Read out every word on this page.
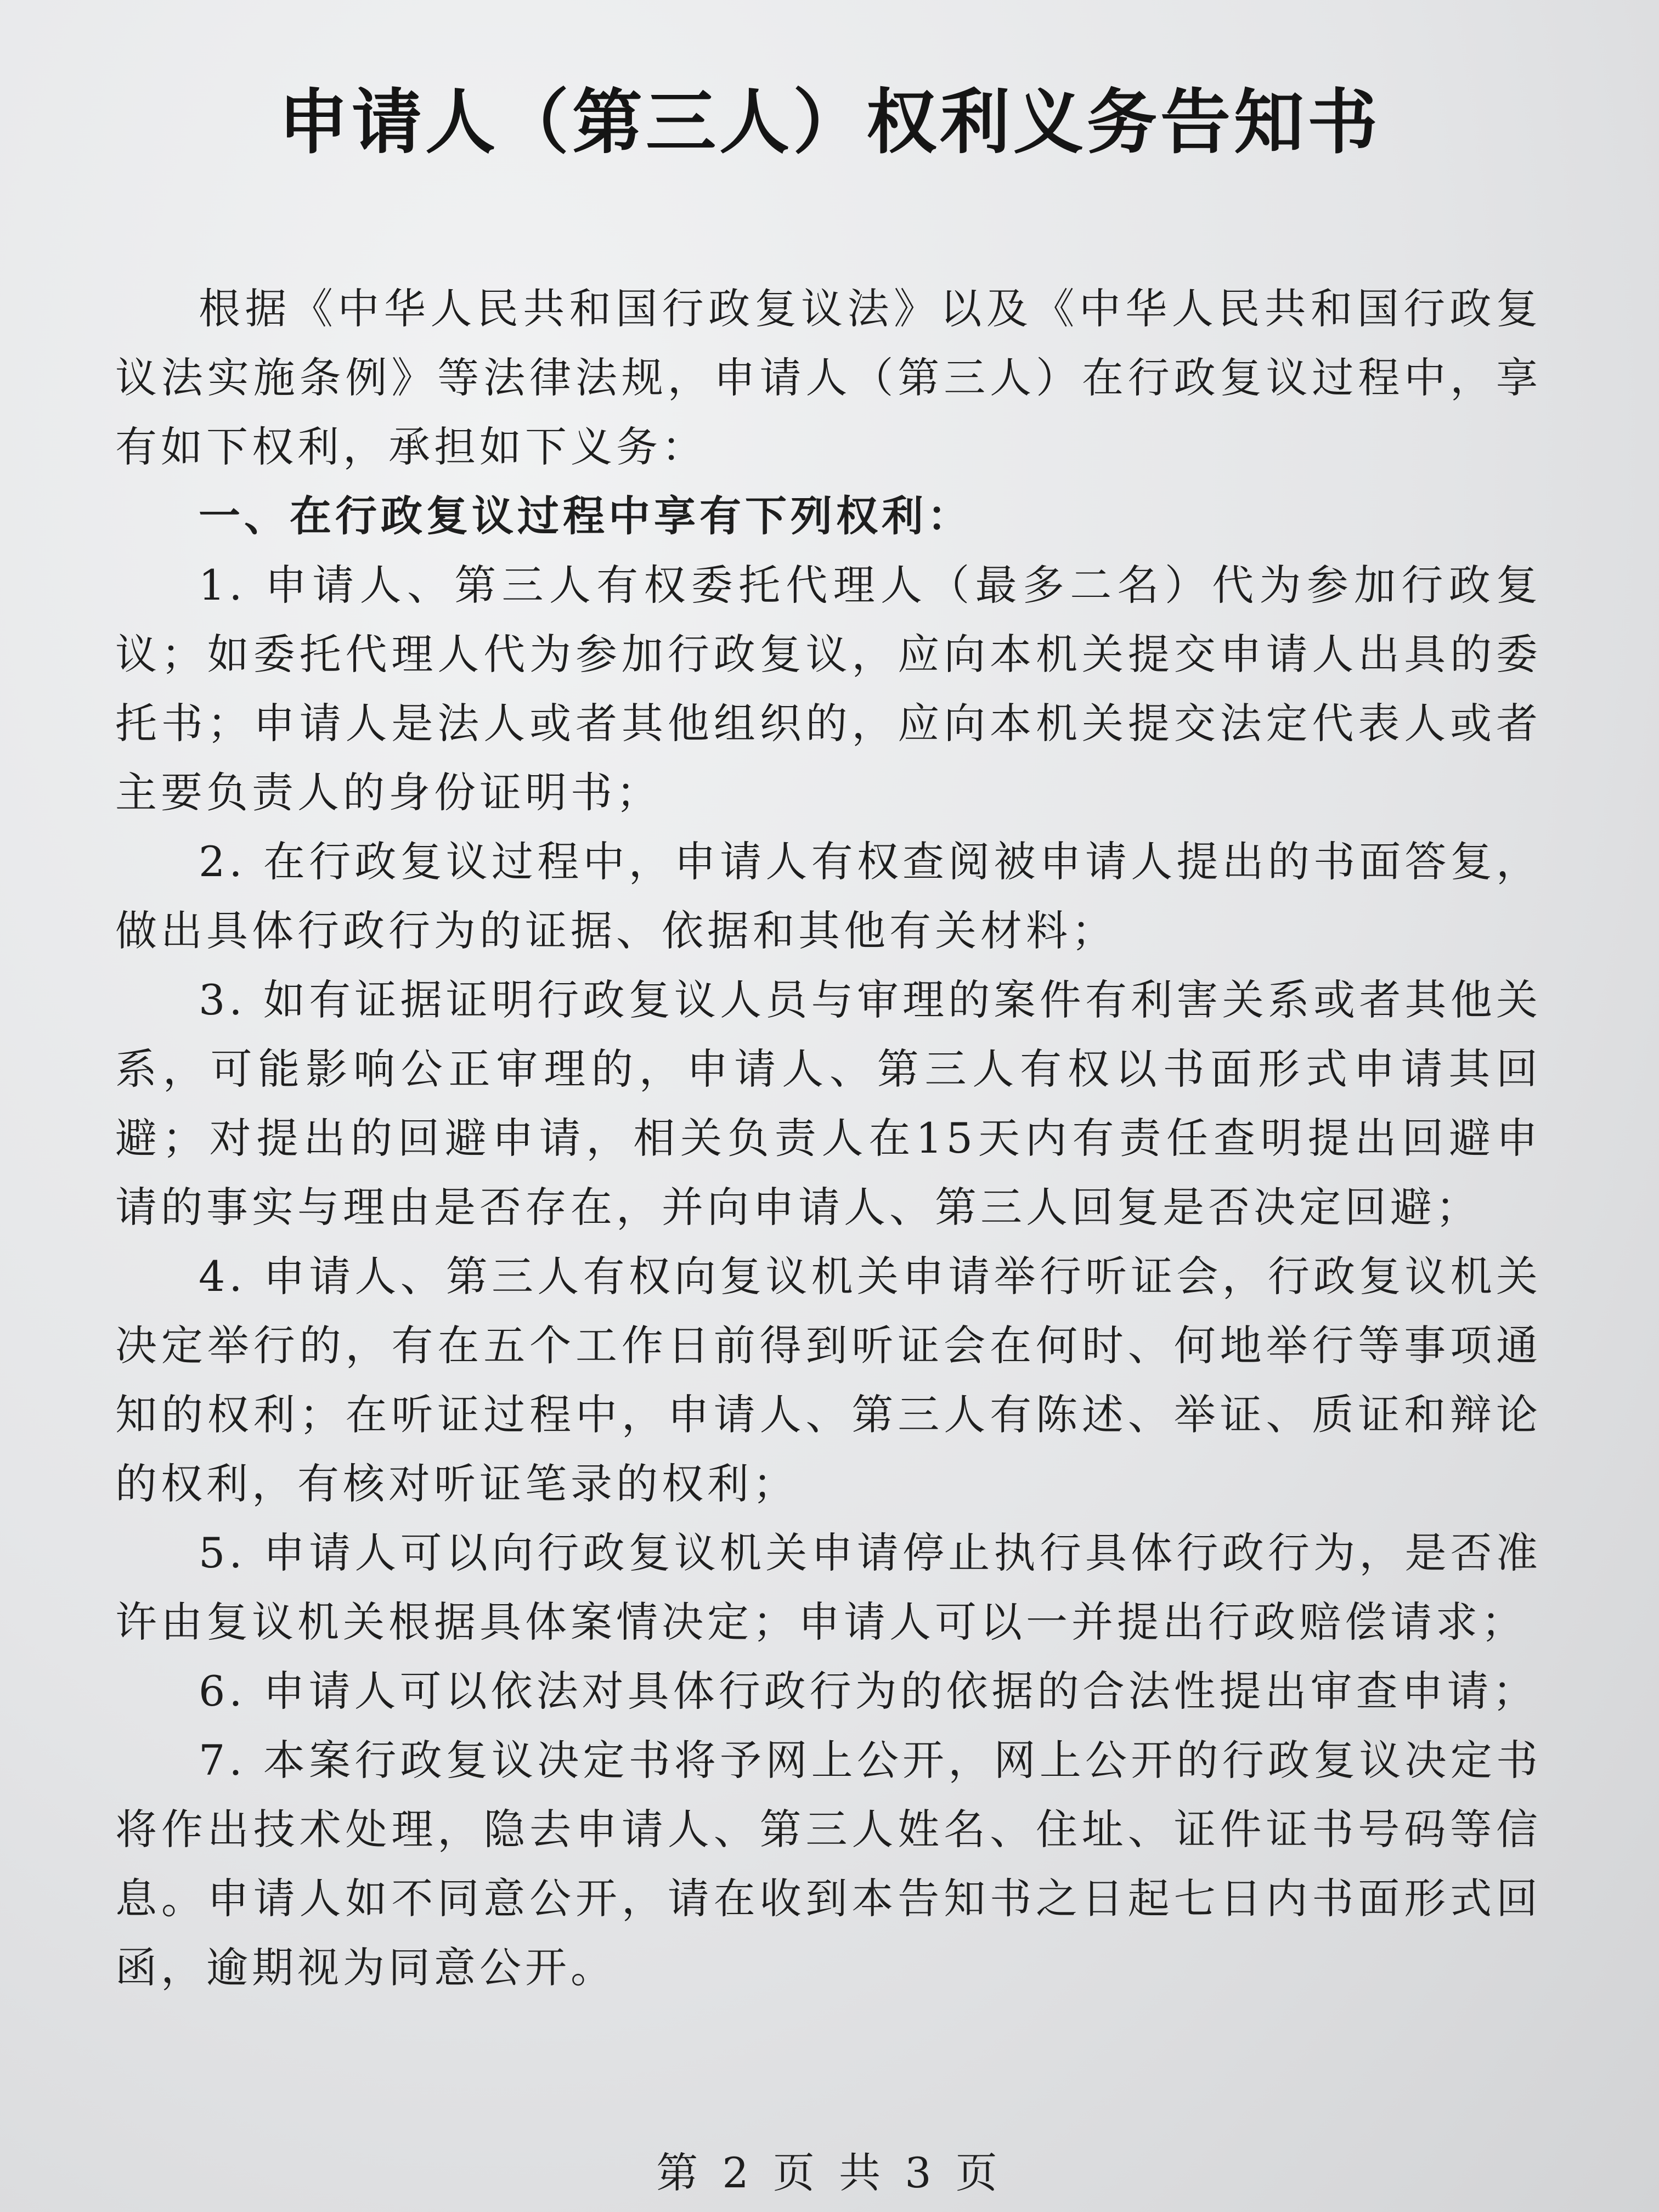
申请人（第三人）权利义务告知书

根据《中华人民共和国行政复议法》以及《中华人民共和国行政复议法实施条例》等法律法规，申请人（第三人）在行政复议过程中，享有如下权利，承担如下义务：

一、在行政复议过程中享有下列权利：

1. 申请人、第三人有权委托代理人（最多二名）代为参加行政复议；如委托代理人代为参加行政复议，应向本机关提交申请人出具的委托书；申请人是法人或者其他组织的，应向本机关提交法定代表人或者主要负责人的身份证明书；

2. 在行政复议过程中，申请人有权查阅被申请人提出的书面答复，做出具体行政行为的证据、依据和其他有关材料；

3. 如有证据证明行政复议人员与审理的案件有利害关系或者其他关系，可能影响公正审理的，申请人、第三人有权以书面形式申请其回避；对提出的回避申请，相关负责人在15天内有责任查明提出回避申请的事实与理由是否存在，并向申请人、第三人回复是否决定回避；

4. 申请人、第三人有权向复议机关申请举行听证会，行政复议机关决定举行的，有在五个工作日前得到听证会在何时、何地举行等事项通知的权利；在听证过程中，申请人、第三人有陈述、举证、质证和辩论的权利，有核对听证笔录的权利；

5. 申请人可以向行政复议机关申请停止执行具体行政行为，是否准许由复议机关根据具体案情决定；申请人可以一并提出行政赔偿请求；

6. 申请人可以依法对具体行政行为的依据的合法性提出审查申请；

7. 本案行政复议决定书将予网上公开，网上公开的行政复议决定书将作出技术处理，隐去申请人、第三人姓名、住址、证件证书号码等信息。申请人如不同意公开，请在收到本告知书之日起七日内书面形式回函，逾期视为同意公开。

第 2 页 共 3 页
